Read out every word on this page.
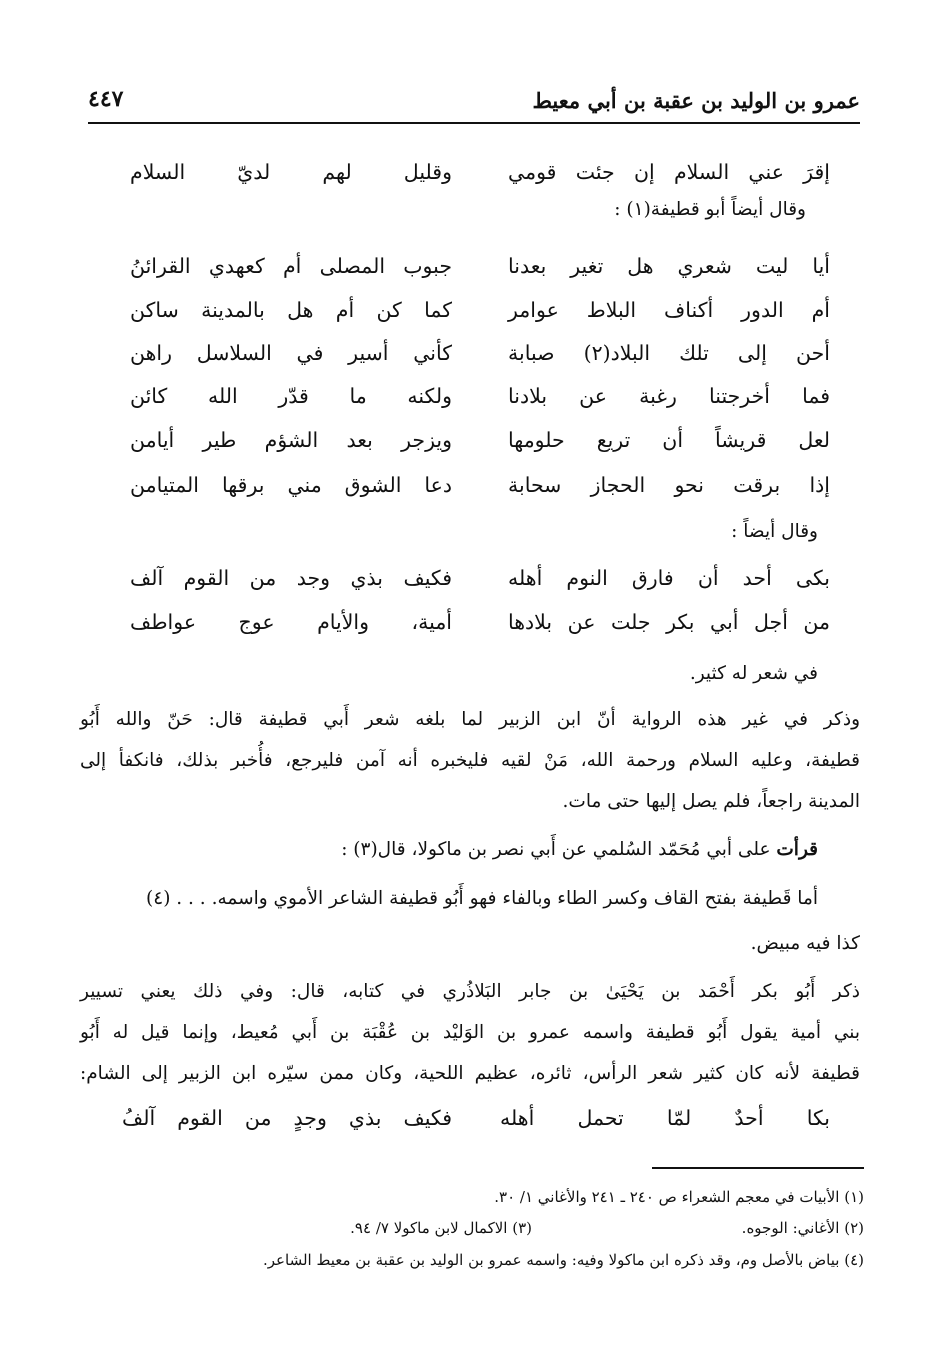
عمرو بن الوليد بن عقبة بن أبي معيط
٤٤٧
إقرَ عني السلام إن جئت قومي
وقليل لهم لديّ السلام
وقال أيضاً أبو قطيفة(١) :
أيا ليت شعري هل تغير بعدنا
جبوب المصلى أم كعهدي القرائنُ
أم الدور أكناف البلاط عوامر
كما كن أم هل بالمدينة ساكن
أحن إلى تلك البلاد(٢) صبابة
كأني أسير في السلاسل راهن
فما أخرجتنا رغبة عن بلادنا
ولكنه ما قدّر الله كائن
لعل قريشاً أن تريع حلومها
ويزجر بعد الشؤم طير أيامن
إذا برقت نحو الحجاز سحابة
دعا الشوق مني برقها المتيامن
وقال أيضاً :
بكى أحد أن فارق النوم أهله
فكيف بذي وجد من القوم آلف
من أجل أبي بكر جلت عن بلادها
أمية، والأيام عوج عواطف
في شعر له كثير.
وذكر في غير هذه الرواية أنّ ابن الزبير لما بلغه شعر أَبي قطيفة قال: حَنّ والله أَبُو
قطيفة، وعليه السلام ورحمة الله، مَنْ لقيه فليخبره أنه آمن فليرجع، فأُخبر بذلك، فانكفأ إلى
المدينة راجعاً، فلم يصل إليها حتى مات.
قرأت على أبي مُحَمّد السُلمي عن أَبي نصر بن ماكولا، قال(٣) :
أما قَطيفة بفتح القاف وكسر الطاء وبالفاء فهو أَبُو قطيفة الشاعر الأموي واسمه. . . . (٤)
كذا فيه مبيض.
ذكر أَبُو بكر أَحْمَد بن يَحْيَىٰ بن جابر البَلاذُري في كتابه، قال: وفي ذلك يعني تسيير
بني أمية يقول أَبُو قطيفة واسمه عمرو بن الوَليْد بن عُقْبَة بن أَبي مُعيط، وإنما قيل له أَبُو
قطيفة لأنه كان كثير شعر الرأس، ثائره، عظيم اللحية، وكان ممن سيّره ابن الزبير إلى الشام:
بكا أحدٌ لمّا تحمل أهله
فكيف بذي وجدٍ من القوم آلفُ
(١) الأبيات في معجم الشعراء ص ٢٤٠ ـ ٢٤١ والأغاني ١/ ٣٠.
(٢) الأغاني: الوجوه.
(٣) الاكمال لابن ماكولا ٧/ ٩٤.
(٤) بياض بالأصل وم، وقد ذكره ابن ماكولا وفيه: واسمه عمرو بن الوليد بن عقبة بن معيط الشاعر.
